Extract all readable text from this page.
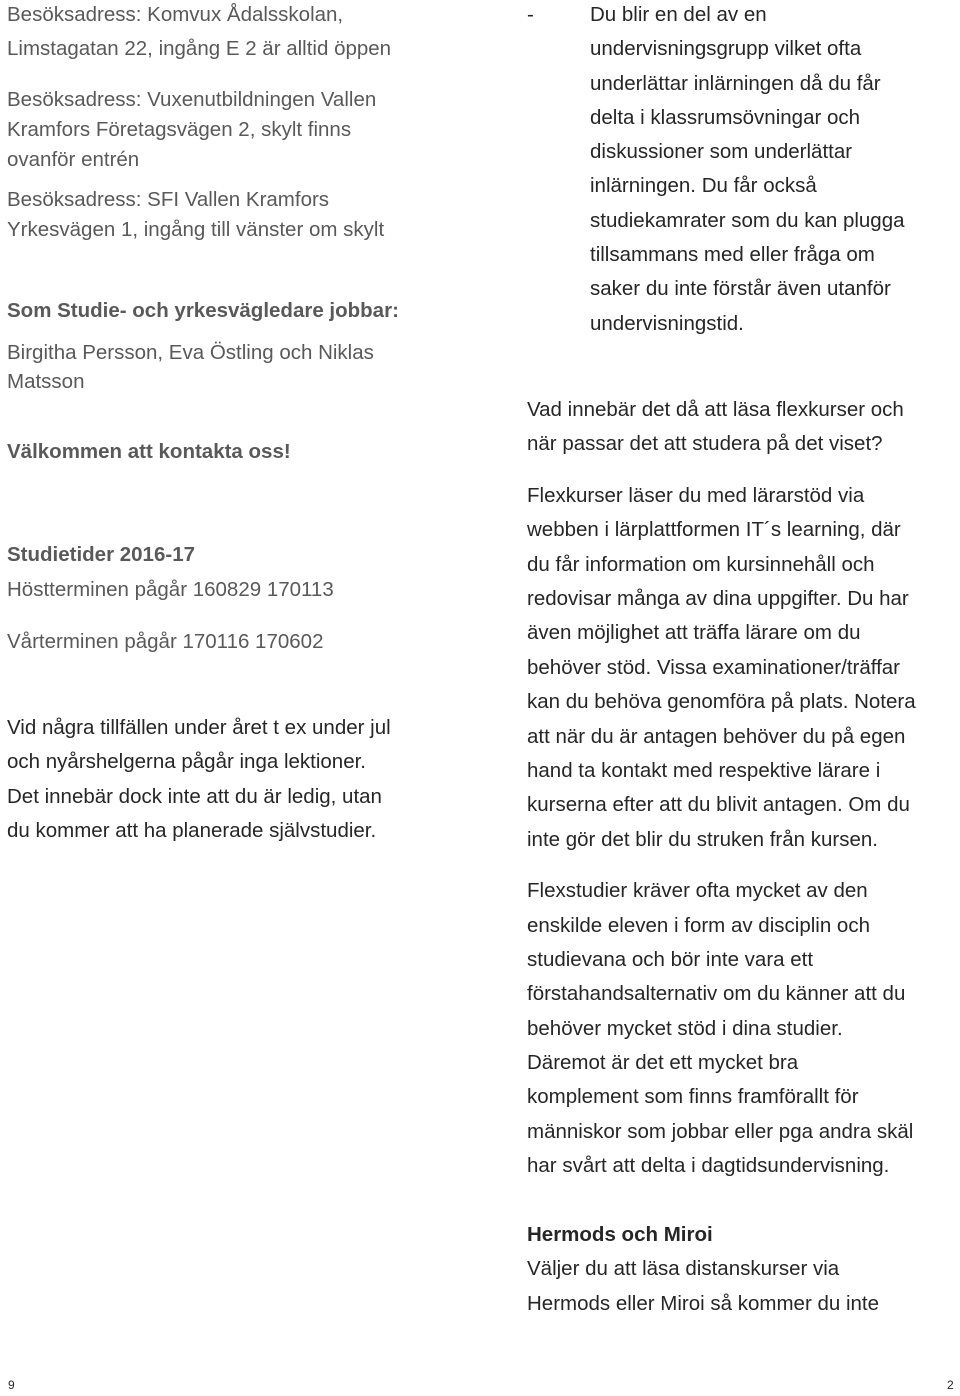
Besöksadress: Komvux Ådalsskolan,
Limstagatan 22, ingång E 2 är alltid öppen
Besöksadress: Vuxenutbildningen Vallen
Kramfors Företagsvägen 2, skylt finns
ovanför entrén
Besöksadress: SFI Vallen Kramfors
Yrkesvägen 1, ingång till vänster om skylt
Som Studie- och yrkesvägledare jobbar:
Birgitha Persson, Eva Östling och Niklas
Matsson
Välkommen att kontakta oss!
Studietider 2016-17
Höstterminen pågår 160829 170113
Vårterminen pågår 170116 170602
Vid några tillfällen under året t ex under jul
och nyårshelgerna pågår inga lektioner.
Det innebär dock inte att du är ledig, utan
du kommer att ha planerade självstudier.
-	Du blir en del av en
undervisningsgrupp vilket ofta
underlättar inlärningen då du får
delta i klassrumsövningar och
diskussioner som underlättar
inlärningen. Du får också
studiekamrater som du kan plugga
tillsammans med eller fråga om
saker du inte förstår även utanför
undervisningstid.
Vad innebär det då att läsa flexkurser och
när passar det att studera på det viset?
Flexkurser läser du med lärarstöd via
webben i lärplattformen IT´s learning, där
du får information om kursinnehåll och
redovisar många av dina uppgifter. Du har
även möjlighet att träffa lärare om du
behöver stöd. Vissa examinationer/träffar
kan du behöva genomföra på plats. Notera
att när du är antagen behöver du på egen
hand ta kontakt med respektive lärare i
kurserna efter att du blivit antagen. Om du
inte gör det blir du struken från kursen.
Flexstudier kräver ofta mycket av den
enskilde eleven i form av disciplin och
studievana och bör inte vara ett
förstahandsalternativ om du känner att du
behöver mycket stöd i dina studier.
Däremot är det ett mycket bra
komplement som finns framförallt för
människor som jobbar eller pga andra skäl
har svårt att delta i dagtidsundervisning.
Hermods och Miroi
Väljer du att läsa distanskurser via
Hermods eller Miroi så kommer du inte
9	2
